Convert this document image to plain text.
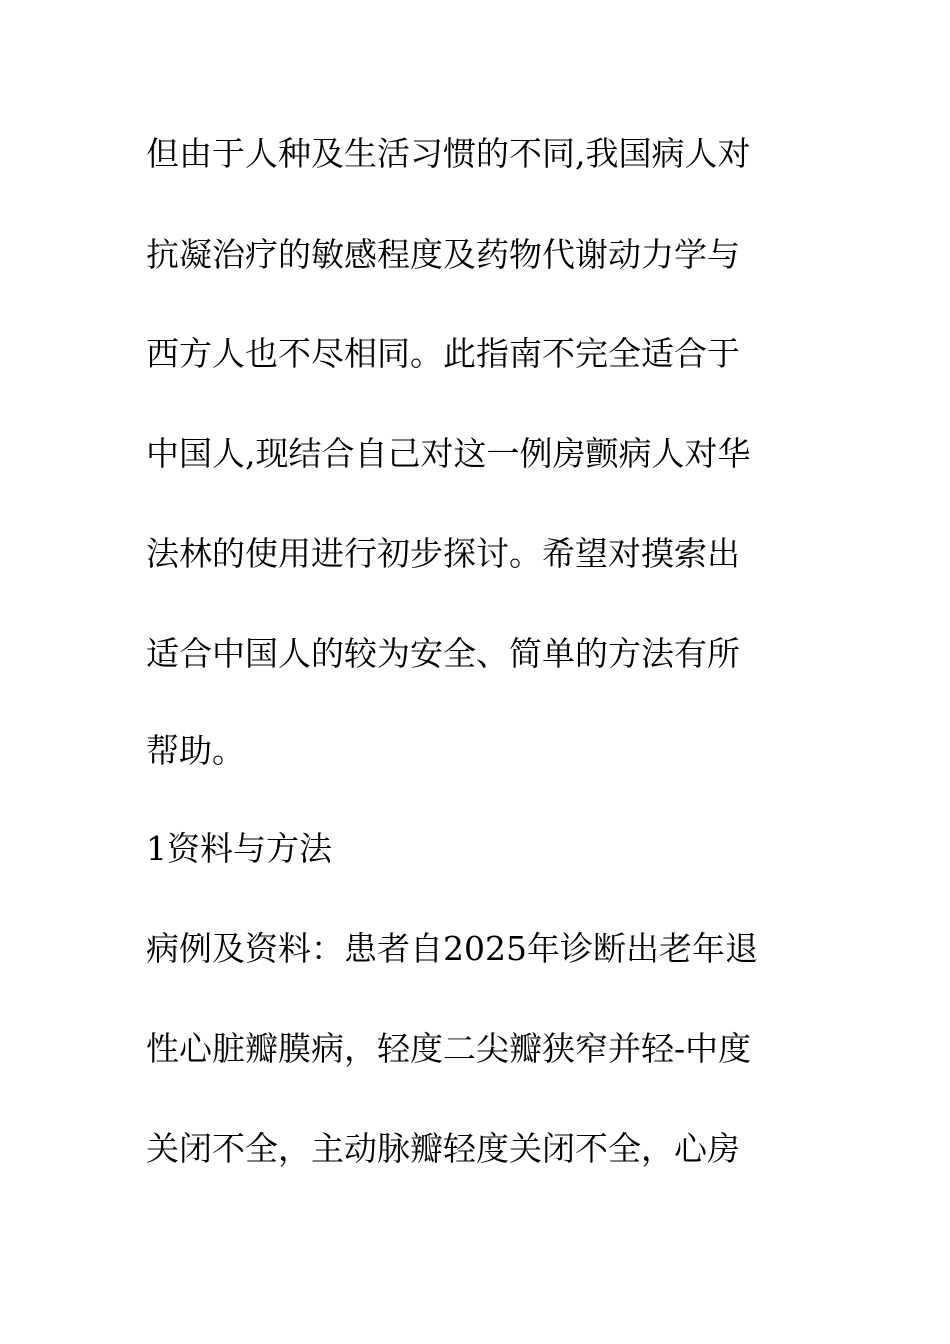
但由于人种及生活习惯的不同,我国病人对
抗凝治疗的敏感程度及药物代谢动力学与
西方人也不尽相同。此指南不完全适合于
中国人,现结合自己对这一例房颤病人对华
法林的使用进行初步探讨。希望对摸索出
适合中国人的较为安全、简单的方法有所
帮助。
1资料与方法
病例及资料：患者自2025年诊断出老年退
性心脏瓣膜病，轻度二尖瓣狭窄并轻-中度
关闭不全，主动脉瓣轻度关闭不全，心房
